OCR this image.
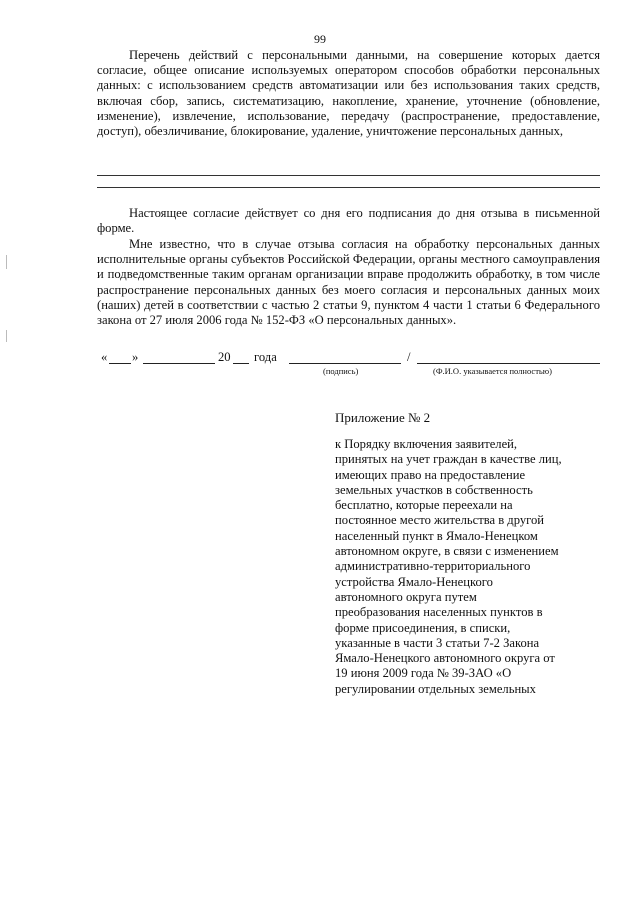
99

Перечень действий с персональными данными, на совершение которых дается согласие, общее описание используемых оператором способов обработки персональных данных: с использованием средств автоматизации или без использования таких средств, включая сбор, запись, систематизацию, накопление, хранение, уточнение (обновление, изменение), извлечение, использование, передачу (распространение, предоставление, доступ), обезличивание, блокирование, удаление, уничтожение персональных данных,

Настоящее согласие действует со дня его подписания до дня отзыва в письменной форме.

Мне известно, что в случае отзыва согласия на обработку персональных данных исполнительные органы субъектов Российской Федерации, органы местного самоуправления и подведомственные таким органам организации вправе продолжить обработку, в том числе распространение персональных данных без моего согласия и персональных данных моих (наших) детей в соответствии с частью 2 статьи 9, пунктом 4 части 1 статьи 6 Федерального закона от 27 июля 2006 года № 152-ФЗ «О персональных данных».

« »	20 года	/
(подпись)	(Ф.И.О. указывается полностью)
Приложение № 2
к Порядку включения заявителей,
принятых на учет граждан в качестве лиц,
имеющих право на предоставление
земельных участков в собственность
бесплатно, которые переехали на
постоянное место жительства в другой
населенный пункт в Ямало-Ненецком
автономном округе, в связи с изменением
административно-территориального
устройства Ямало-Ненецкого
автономного округа путем
преобразования населенных пунктов в
форме присоединения, в списки,
указанные в части 3 статьи 7-2 Закона
Ямало-Ненецкого автономного округа от
19 июня 2009 года № 39-ЗАО «О
регулировании отдельных земельных
